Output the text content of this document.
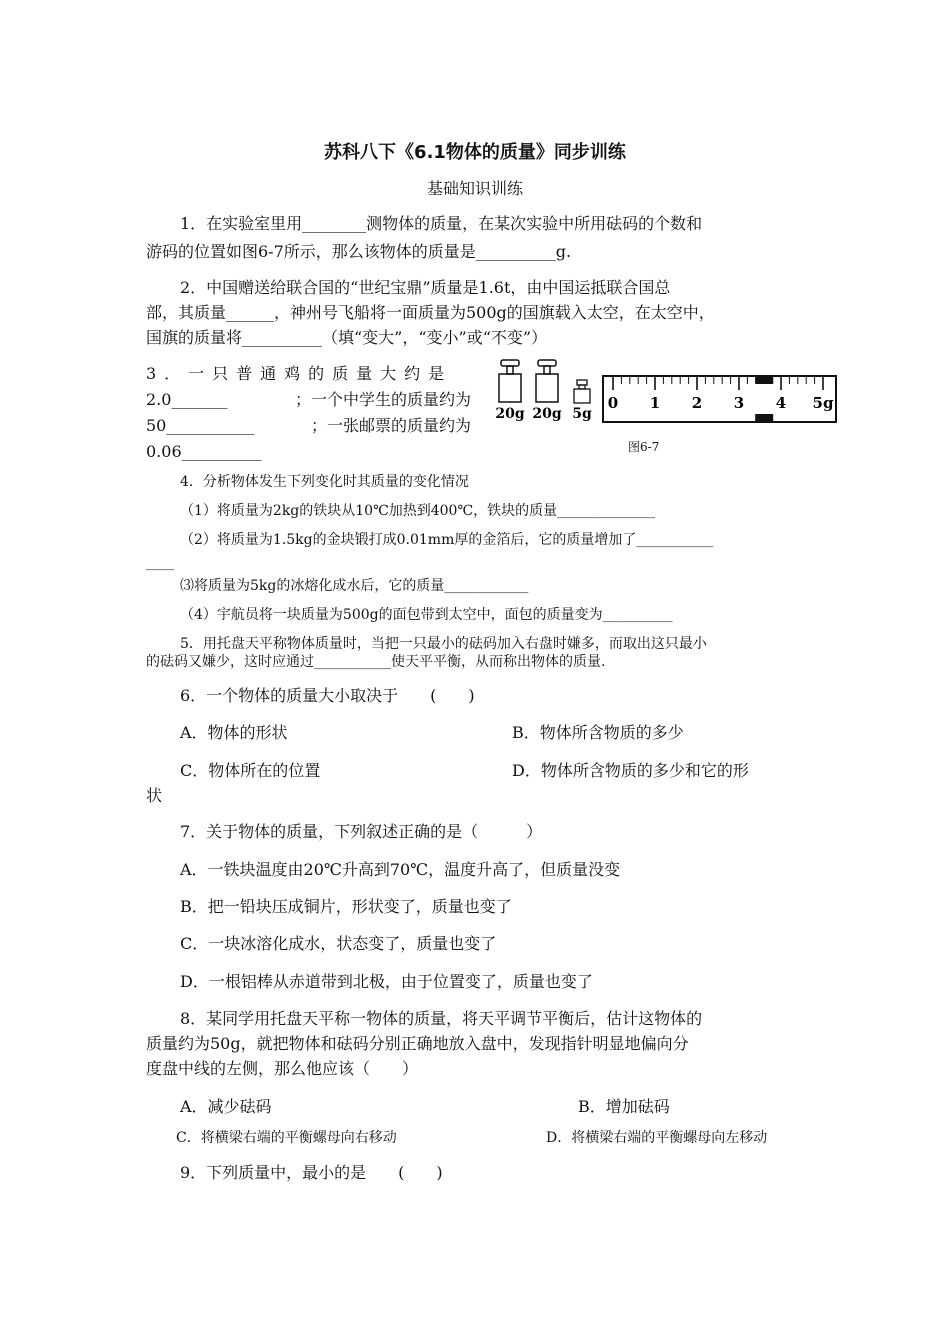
苏科八下《6.1物体的质量》同步训练
基础知识训练
1．在实验室里用________测物体的质量，在某次实验中所用砝码的个数和
游码的位置如图6-7所示，那么该物体的质量是__________g.
2．中国赠送给联合国的“世纪宝鼎”质量是1.6t，由中国运抵联合国总
部，其质量______，神州号飞船将一面质量为500g的国旗载入太空，在太空中，
国旗的质量将__________（填“变大”，“变小”或“不变”）
3．一只普通鸡的质量大约是
2.0_______	；一个中学生的质量约为
50___________	；一张邮票的质量约为
0.06__________
20g 20g 5g
0 1 2 3 4 5g
图6-7
4．分析物体发生下列变化时其质量的变化情况
（1）将质量为2kg的铁块从10℃加热到400℃，铁块的质量______________
（2）将质量为1.5kg的金块锻打成0.01mm厚的金箔后，它的质量增加了___________
____
⑶将质量为5kg的冰熔化成水后，它的质量____________
（4）宇航员将一块质量为500g的面包带到太空中，面包的质量变为__________
5．用托盘天平称物体质量时，当把一只最小的砝码加入右盘时嫌多，而取出这只最小
的砝码又嫌少，这时应通过___________使天平平衡，从而称出物体的质量.
6．一个物体的质量大小取决于　　(　　)
A．物体的形状	B．物体所含物质的多少
C．物体所在的位置	D．物体所含物质的多少和它的形
状
7．关于物体的质量，下列叙述正确的是（　　　）
A．一铁块温度由20℃升高到70℃，温度升高了，但质量没变
B．把一铅块压成铜片，形状变了，质量也变了
C．一块冰溶化成水，状态变了，质量也变了
D．一根铝棒从赤道带到北极，由于位置变了，质量也变了
8．某同学用托盘天平称一物体的质量，将天平调节平衡后，估计这物体的
质量约为50g，就把物体和砝码分别正确地放入盘中，发现指针明显地偏向分
度盘中线的左侧，那么他应该（　　）
A．减少砝码	B．增加砝码
C．将横梁右端的平衡螺母向右移动	D．将横梁右端的平衡螺母向左移动
9．下列质量中，最小的是　　(　　)
